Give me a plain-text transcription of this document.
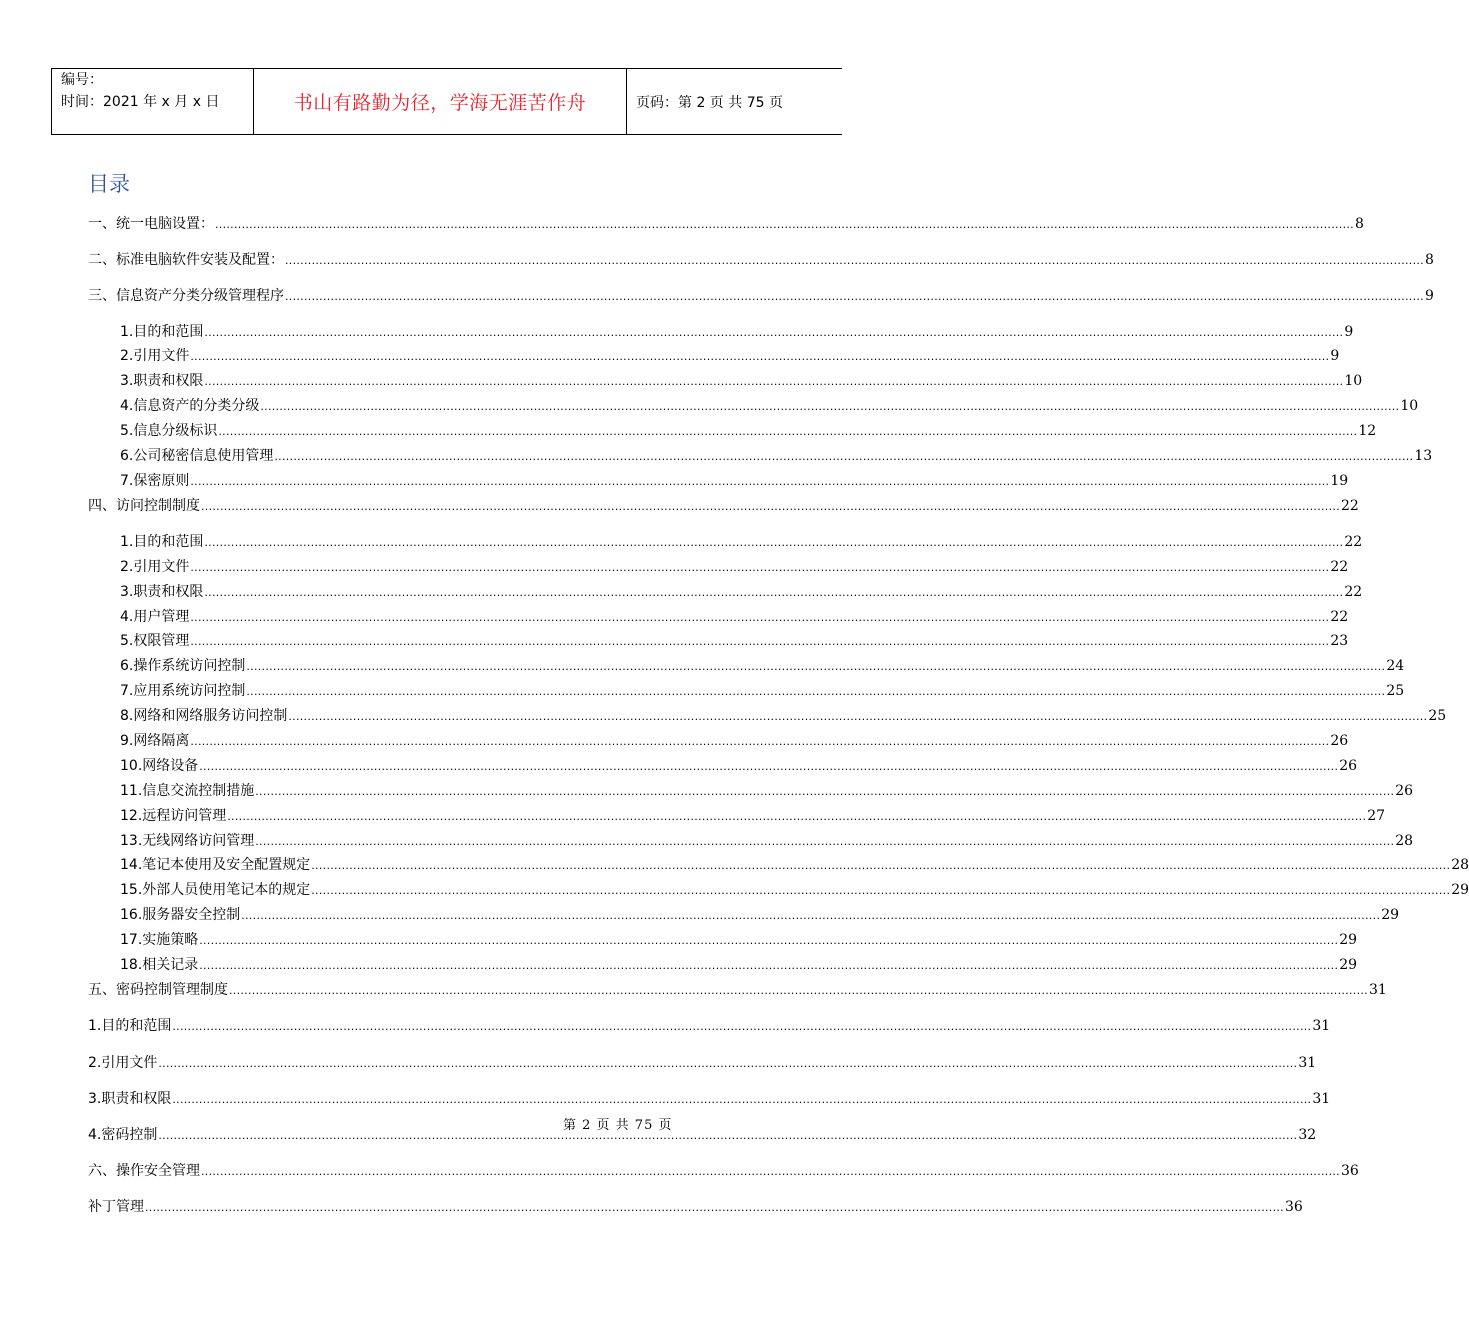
编号：
时间：2021 年 x 月 x 日	书山有路勤为径，学海无涯苦作舟	页码：第 2 页 共 75 页
目录
一、统一电脑设置： ............................................................................................................................................................................................................................................................................................................ 8
二、标准电脑软件安装及配置： ............................................................................................................................................................................................................................................................................................................ 8
三、信息资产分类分级管理程序 ............................................................................................................................................................................................................................................................................................................ 9
1. 目的和范围 ............................................................................................................................................................................................................................................................................................................ 9
2. 引用文件 ............................................................................................................................................................................................................................................................................................................ 9
3. 职责和权限 ............................................................................................................................................................................................................................................................................................................ 10
4. 信息资产的分类分级 ............................................................................................................................................................................................................................................................................................................ 10
5. 信息分级标识 ............................................................................................................................................................................................................................................................................................................ 12
6. 公司秘密信息使用管理 ............................................................................................................................................................................................................................................................................................................ 13
7. 保密原则 ............................................................................................................................................................................................................................................................................................................ 19
四、访问控制制度 ............................................................................................................................................................................................................................................................................................................ 22
1. 目的和范围 ............................................................................................................................................................................................................................................................................................................ 22
2. 引用文件 ............................................................................................................................................................................................................................................................................................................ 22
3. 职责和权限 ............................................................................................................................................................................................................................................................................................................ 22
4. 用户管理 ............................................................................................................................................................................................................................................................................................................ 22
5. 权限管理 ............................................................................................................................................................................................................................................................................................................ 23
6. 操作系统访问控制 ............................................................................................................................................................................................................................................................................................................ 24
7. 应用系统访问控制 ............................................................................................................................................................................................................................................................................................................ 25
8. 网络和网络服务访问控制 ............................................................................................................................................................................................................................................................................................................ 25
9. 网络隔离 ............................................................................................................................................................................................................................................................................................................ 26
10. 网络设备 ............................................................................................................................................................................................................................................................................................................ 26
11. 信息交流控制措施 ............................................................................................................................................................................................................................................................................................................ 26
12. 远程访问管理 ............................................................................................................................................................................................................................................................................................................ 27
13. 无线网络访问管理 ............................................................................................................................................................................................................................................................................................................ 28
14. 笔记本使用及安全配置规定 ............................................................................................................................................................................................................................................................................................................ 28
15. 外部人员使用笔记本的规定 ............................................................................................................................................................................................................................................................................................................ 29
16. 服务器安全控制 ............................................................................................................................................................................................................................................................................................................ 29
17. 实施策略 ............................................................................................................................................................................................................................................................................................................ 29
18. 相关记录 ............................................................................................................................................................................................................................................................................................................ 29
五、密码控制管理制度 ............................................................................................................................................................................................................................................................................................................ 31
1. 目的和范围 ............................................................................................................................................................................................................................................................................................................ 31
2. 引用文件 ............................................................................................................................................................................................................................................................................................................ 31
3. 职责和权限 ............................................................................................................................................................................................................................................................................................................ 31
4. 密码控制 ............................................................................................................................................................................................................................................................................................................ 32
六、操作安全管理 ............................................................................................................................................................................................................................................................................................................ 36
补丁管理 ............................................................................................................................................................................................................................................................................................................ 36
第 2 页 共 75 页
